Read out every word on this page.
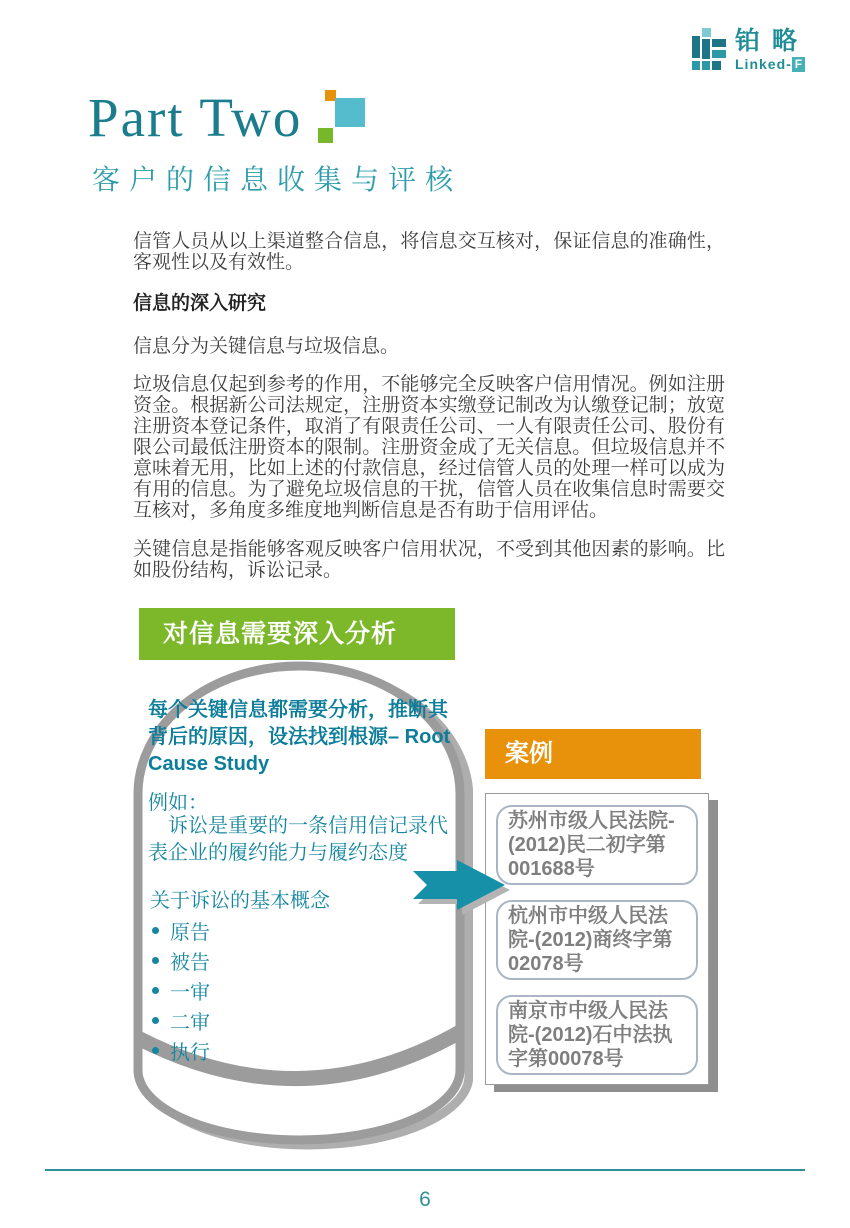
铂略
Linked- F
Part Two
客户的信息收集与评核

信管人员从以上渠道整合信息，将信息交互核对，保证信息的准确性，客观性以及有效性。

信息的深入研究

信息分为关键信息与垃圾信息。

垃圾信息仅起到参考的作用，不能够完全反映客户信用情况。例如注册资金。根据新公司法规定，注册资本实缴登记制改为认缴登记制；放宽注册资本登记条件，取消了有限责任公司、一人有限责任公司、股份有限公司最低注册资本的限制。注册资金成了无关信息。但垃圾信息并不意味着无用，比如上述的付款信息，经过信管人员的处理一样可以成为有用的信息。为了避免垃圾信息的干扰，信管人员在收集信息时需要交互核对，多角度多维度地判断信息是否有助于信用评估。

关键信息是指能够客观反映客户信用状况，不受到其他因素的影响。比如股份结构，诉讼记录。

对信息需要深入分析
每个关键信息都需要分析，推断其背后的原因，设法找到根源– Root Cause Study
例如：
　诉讼是重要的一条信用信记录代表企业的履约能力与履约态度
关于诉讼的基本概念
原告
被告
一审
二审
执行
案例
苏州市级人民法院-(2012)民二初字第001688号
杭州市中级人民法院-(2012)商终字第02078号
南京市中级人民法院-(2012)石中法执字第00078号
6
